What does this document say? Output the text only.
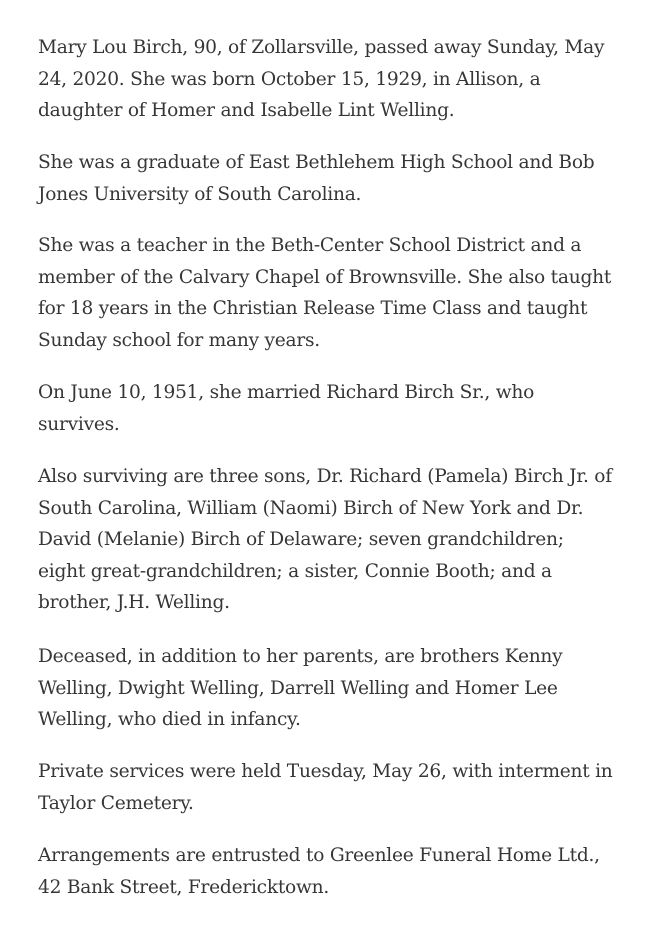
Mary Lou Birch, 90, of Zollarsville, passed away Sunday, May
24, 2020. She was born October 15, 1929, in Allison, a
daughter of Homer and Isabelle Lint Welling.

She was a graduate of East Bethlehem High School and Bob
Jones University of South Carolina.

She was a teacher in the Beth-Center School District and a
member of the Calvary Chapel of Brownsville. She also taught
for 18 years in the Christian Release Time Class and taught
Sunday school for many years.

On June 10, 1951, she married Richard Birch Sr., who
survives.

Also surviving are three sons, Dr. Richard (Pamela) Birch Jr. of
South Carolina, William (Naomi) Birch of New York and Dr.
David (Melanie) Birch of Delaware; seven grandchildren;
eight great-grandchildren; a sister, Connie Booth; and a
brother, J.H. Welling.

Deceased, in addition to her parents, are brothers Kenny
Welling, Dwight Welling, Darrell Welling and Homer Lee
Welling, who died in infancy.

Private services were held Tuesday, May 26, with interment in
Taylor Cemetery.

Arrangements are entrusted to Greenlee Funeral Home Ltd.,
42 Bank Street, Fredericktown.
